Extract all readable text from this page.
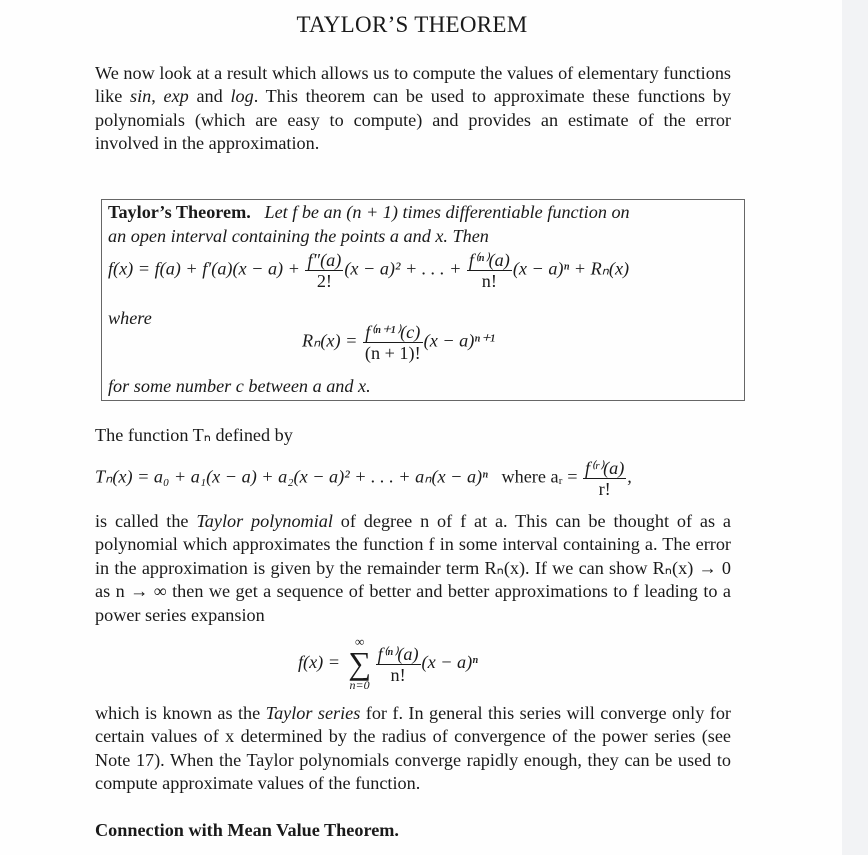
TAYLOR’S THEOREM
We now look at a result which allows us to compute the values of elementary functions like sin, exp and log. This theorem can be used to approximate these functions by polynomials (which are easy to compute) and provides an estimate of the error involved in the approximation.
Taylor’s Theorem. Let f be an (n + 1) times differentiable function on
an open interval containing the points a and x. Then
$f(x) = f(a) + f'(a)(x - a) + \frac{f''(a)}{2!} (x - a)^2$ + . . . + $\frac{\text{f⁽ⁿ⁾(a)}}{n!} (x - a)^n + R_n(x)$
where
$R_n(x) = \frac{\text{f⁽ⁿ⁺¹⁾(c)}}{(n + 1)!} (x - a)^{n+1}$
for some number c between a and x.
The function Tₙ defined by
Tₙ(x) = a₀ + a₁(x − a) + a₂(x − a)² + . . . + aₙ(x − a)ⁿ where aᵣ = $\frac{\text{f⁽ʳ⁾(a)}}{r!}$ ,
is called the Taylor polynomial of degree n of f at a. This can be thought of as a polynomial which approximates the function f in some interval containing a. The error in the approximation is given by the remainder term Rₙ(x). If we can show Rₙ(x) → 0 as n → ∞ then we get a sequence of better and better approximations to f leading to a power series expansion
f(x) =
∞
∑
n=0
$\frac{\text{f⁽ⁿ⁾(a)}}{n!} (x - a)^n$
which is known as the Taylor series for f. In general this series will converge only for certain values of x determined by the radius of convergence of the power series (see Note 17). When the Taylor polynomials converge rapidly enough, they can be used to compute approximate values of the function.
Connection with Mean Value Theorem.
